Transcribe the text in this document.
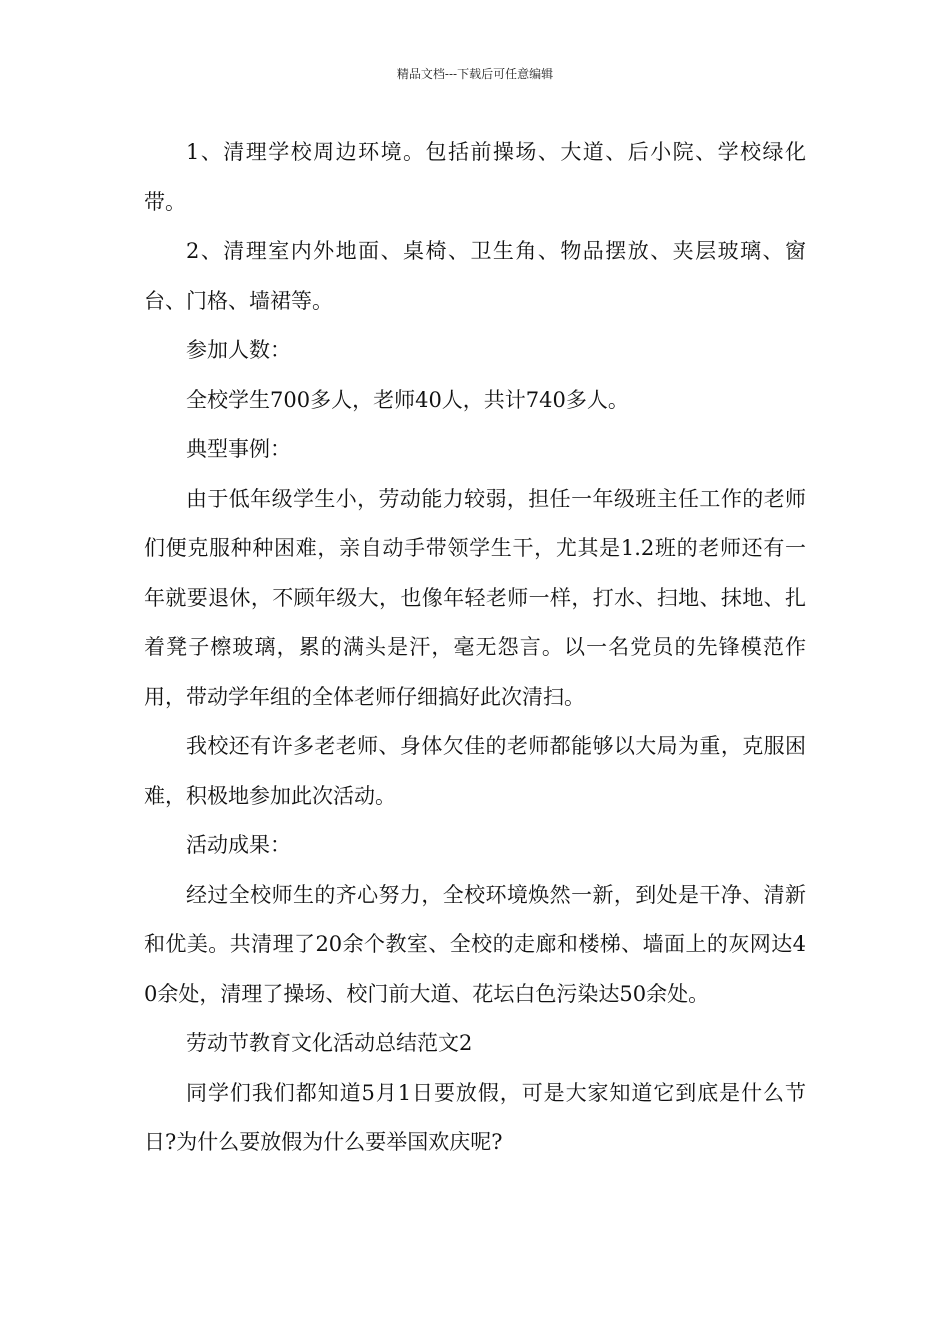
精品文档---下载后可任意编辑

1、清理学校周边环境。包括前操场、大道、后小院、学校绿化带。

2、清理室内外地面、桌椅、卫生角、物品摆放、夹层玻璃、窗台、门格、墙裙等。

参加人数：

全校学生700多人，老师40人，共计740多人。

典型事例：

由于低年级学生小，劳动能力较弱，担任一年级班主任工作的老师们便克服种种困难，亲自动手带领学生干，尤其是1.2班的老师还有一年就要退休，不顾年级大，也像年轻老师一样，打水、扫地、抹地、扎着凳子檫玻璃，累的满头是汗，毫无怨言。以一名党员的先锋模范作用，带动学年组的全体老师仔细搞好此次清扫。

我校还有许多老老师、身体欠佳的老师都能够以大局为重，克服困难，积极地参加此次活动。

活动成果：

经过全校师生的齐心努力，全校环境焕然一新，到处是干净、清新和优美。共清理了20余个教室、全校的走廊和楼梯、墙面上的灰网达40余处，清理了操场、校门前大道、花坛白色污染达50余处。

劳动节教育文化活动总结范文2

同学们我们都知道5月1日要放假，可是大家知道它到底是什么节日?为什么要放假为什么要举国欢庆呢?
